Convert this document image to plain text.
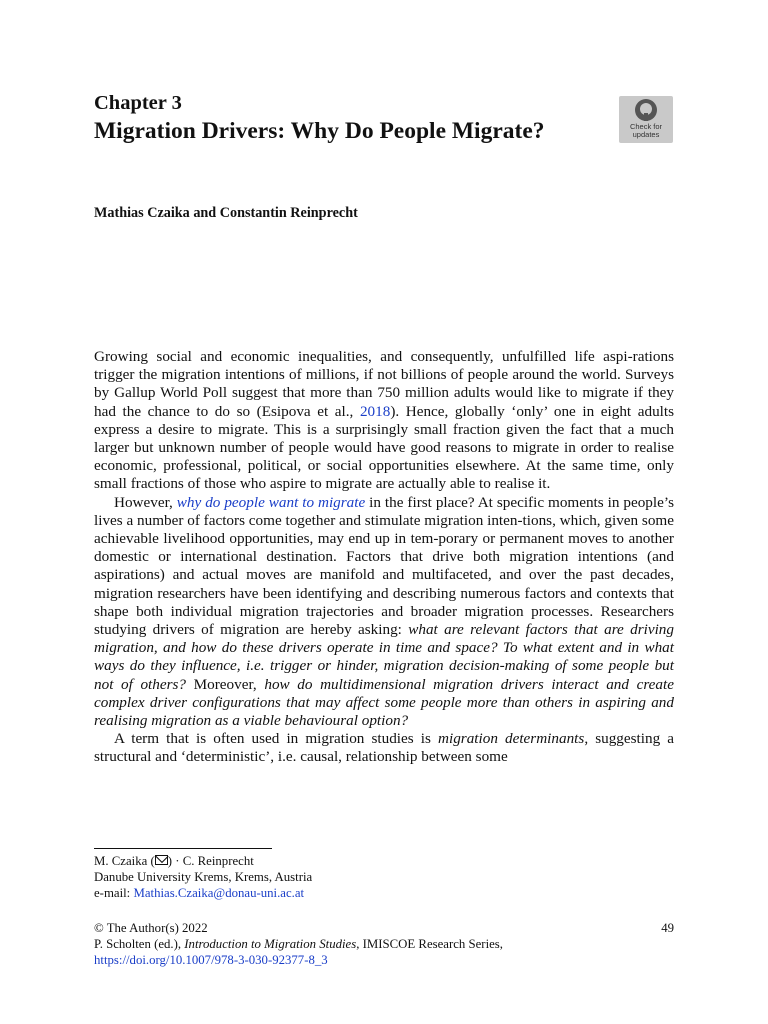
Chapter 3
Migration Drivers: Why Do People Migrate?	Check for
updates
Mathias Czaika and Constantin Reinprecht

Growing social and economic inequalities, and consequently, unfulfilled life aspi-rations trigger the migration intentions of millions, if not billions of people around the world. Surveys by Gallup World Poll suggest that more than 750 million adults would like to migrate if they had the chance to do so (Esipova et al., 2018). Hence, globally ‘only’ one in eight adults express a desire to migrate. This is a surprisingly small fraction given the fact that a much larger but unknown number of people would have good reasons to migrate in order to realise economic, professional, political, or social opportunities elsewhere. At the same time, only small fractions of those who aspire to migrate are actually able to realise it.

However, why do people want to migrate in the first place? At specific moments in people’s lives a number of factors come together and stimulate migration inten-tions, which, given some achievable livelihood opportunities, may end up in tem-porary or permanent moves to another domestic or international destination. Factors that drive both migration intentions (and aspirations) and actual moves are manifold and multifaceted, and over the past decades, migration researchers have been identifying and describing numerous factors and contexts that shape both individual migration trajectories and broader migration processes. Researchers studying drivers of migration are hereby asking: what are relevant factors that are driving migration, and how do these drivers operate in time and space? To what extent and in what ways do they influence, i.e. trigger or hinder, migration decision-making of some people but not of others? Moreover, how do multidimensional migration drivers interact and create complex driver configurations that may affect some people more than others in aspiring and realising migration as a viable behavioural option?

A term that is often used in migration studies is migration determinants, suggesting a structural and ‘deterministic’, i.e. causal, relationship between some

M. Czaika ( ) · C. Reinprecht
Danube University Krems, Krems, Austria
e-mail: Mathias.Czaika@donau-uni.ac.at
© The Author(s) 2022	49

P. Scholten (ed.), Introduction to Migration Studies, IMISCOE Research Series,
https://doi.org/10.1007/978-3-030-92377-8_3
